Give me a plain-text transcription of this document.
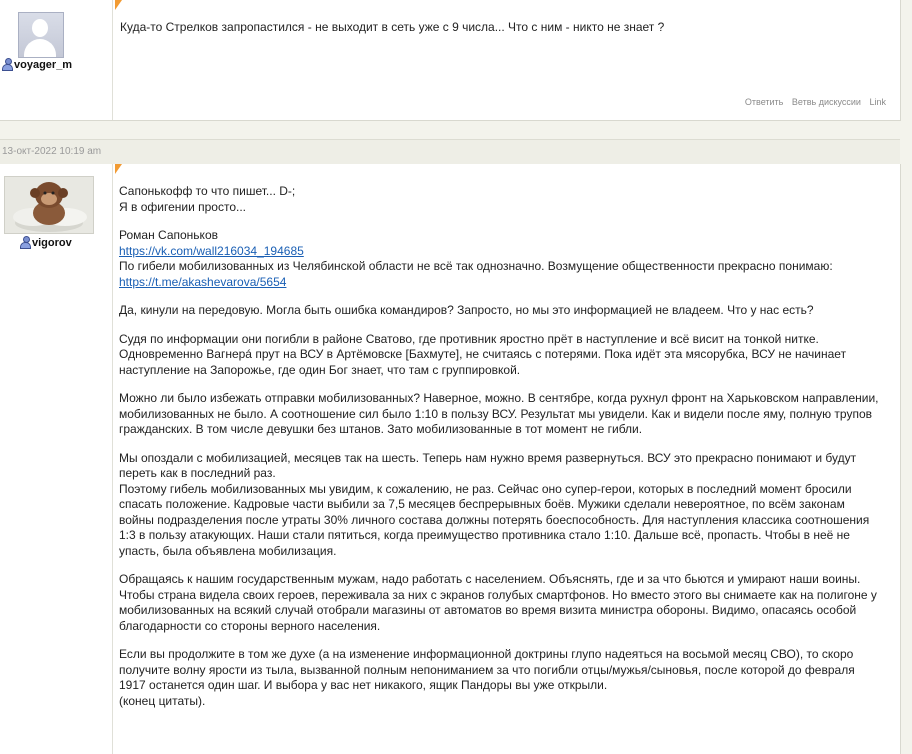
voyager_m
Куда-то Стрелков запропастился - не выходит в сеть уже с 9 числа... Что с ним - никто не знает ?
Ответить Ветвь дискуссии Link
13-окт-2022 10:19 am
vigorov

Сапонькофф то что пишет... D-;
Я в офигении просто...

Роман Сапоньков
https://vk.com/wall216034_194685
По гибели мобилизованных из Челябинской области не всё так однозначно. Возмущение общественности прекрасно понимаю: https://t.me/akashevarova/5654

Да, кинули на передовую. Могла быть ошибка командиров? Запросто, но мы это информацией не владеем. Что у нас есть?

Судя по информации они погибли в районе Сватово, где противник яростно прёт в наступление и всё висит на тонкой нитке. Одновременно Вагнерá прут на ВСУ в Артёмовске [Бахмуте], не считаясь с потерями. Пока идёт эта мясорубка, ВСУ не начинает наступление на Запорожье, где один Бог знает, что там с группировкой.

Можно ли было избежать отправки мобилизованных? Наверное, можно. В сентябре, когда рухнул фронт на Харьковском направлении, мобилизованных не было. А соотношение сил было 1:10 в пользу ВСУ. Результат мы увидели. Как и видели после яму, полную трупов гражданских. В том числе девушки без штанов. Зато мобилизованные в тот момент не гибли.

Мы опоздали с мобилизацией, месяцев так на шесть. Теперь нам нужно время развернуться. ВСУ это прекрасно понимают и будут переть как в последний раз.
Поэтому гибель мобилизованных мы увидим, к сожалению, не раз. Сейчас оно супер-герои, которых в последний момент бросили спасать положение. Кадровые части выбили за 7,5 месяцев беспрерывных боёв. Мужики сделали невероятное, по всём законам войны подразделения после утраты 30% личного состава должны потерять боеспособность. Для наступления классика соотношения 1:3 в пользу атакующих. Наши стали пятиться, когда преимущество противника стало 1:10. Дальше всё, пропасть. Чтобы в неё не упасть, была объявлена мобилизация.

Обращаясь к нашим государственным мужам, надо работать с населением. Объяснять, где и за что бьются и умирают наши воины. Чтобы страна видела своих героев, переживала за них с экранов голубых смартфонов. Но вместо этого вы снимаете как на полигоне у мобилизованных на всякий случай отобрали магазины от автоматов во время визита министра обороны. Видимо, опасаясь особой благодарности со стороны верного населения.

Если вы продолжите в том же духе (а на изменение информационной доктрины глупо надеяться на восьмой месяц СВО), то скоро получите волну ярости из тыла, вызванной полным непониманием за что погибли отцы/мужья/сыновья, после которой до февраля 1917 останется один шаг. И выбора у вас нет никакого, ящик Пандоры вы уже открыли.
(конец цитаты).
